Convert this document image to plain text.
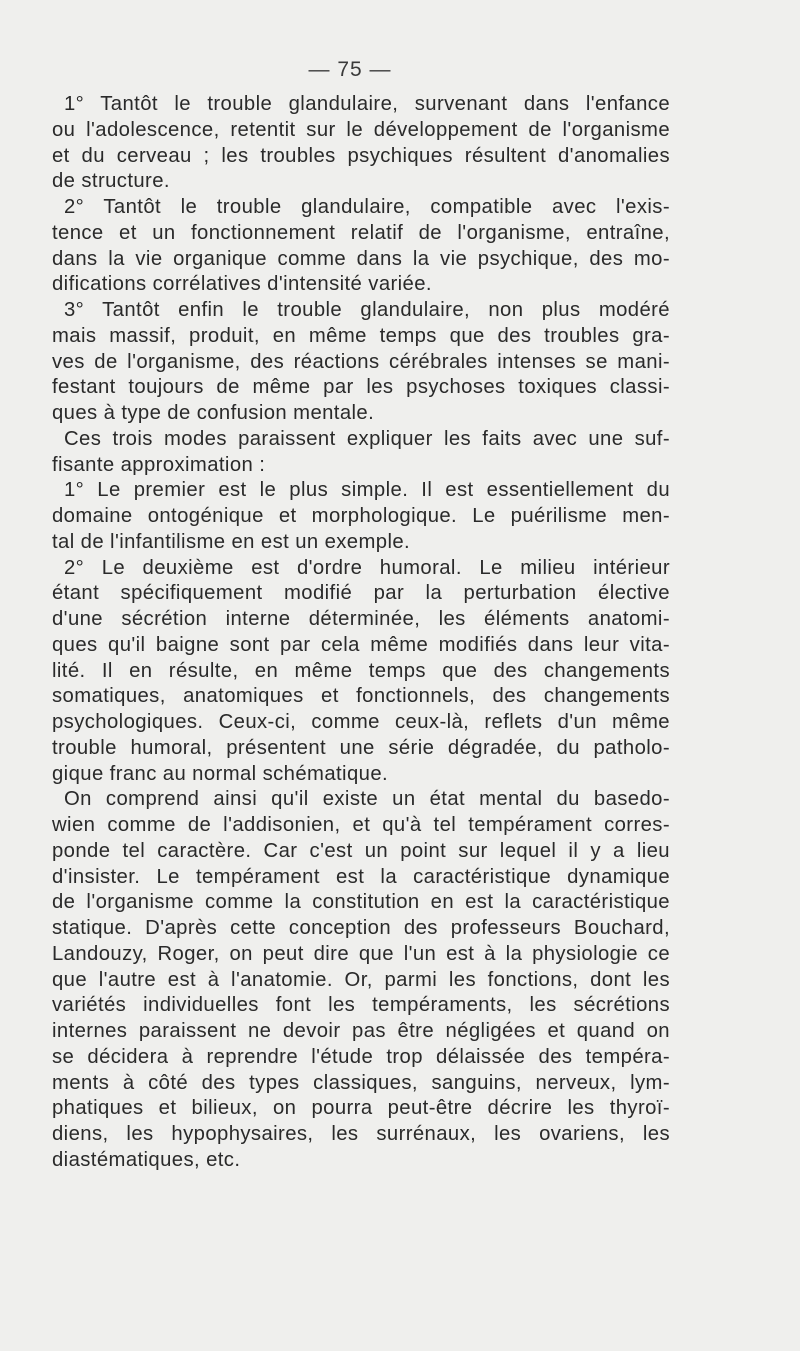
— 75 —
1° Tantôt le trouble glandulaire, survenant dans l'enfance
ou l'adolescence, retentit sur le développement de l'organisme
et du cerveau ; les troubles psychiques résultent d'anomalies
de structure.
2° Tantôt le trouble glandulaire, compatible avec l'exis-
tence et un fonctionnement relatif de l'organisme, entraîne,
dans la vie organique comme dans la vie psychique, des mo-
difications corrélatives d'intensité variée.
3° Tantôt enfin le trouble glandulaire, non plus modéré
mais massif, produit, en même temps que des troubles gra-
ves de l'organisme, des réactions cérébrales intenses se mani-
festant toujours de même par les psychoses toxiques classi-
ques à type de confusion mentale.
Ces trois modes paraissent expliquer les faits avec une suf-
fisante approximation :
1° Le premier est le plus simple. Il est essentiellement du
domaine ontogénique et morphologique. Le puérilisme men-
tal de l'infantilisme en est un exemple.
2° Le deuxième est d'ordre humoral. Le milieu intérieur
étant spécifiquement modifié par la perturbation élective
d'une sécrétion interne déterminée, les éléments anatomi-
ques qu'il baigne sont par cela même modifiés dans leur vita-
lité. Il en résulte, en même temps que des changements
somatiques, anatomiques et fonctionnels, des changements
psychologiques. Ceux-ci, comme ceux-là, reflets d'un même
trouble humoral, présentent une série dégradée, du patholo-
gique franc au normal schématique.
On comprend ainsi qu'il existe un état mental du basedo-
wien comme de l'addisonien, et qu'à tel tempérament corres-
ponde tel caractère. Car c'est un point sur lequel il y a lieu
d'insister. Le tempérament est la caractéristique dynamique
de l'organisme comme la constitution en est la caractéristique
statique. D'après cette conception des professeurs Bouchard,
Landouzy, Roger, on peut dire que l'un est à la physiologie ce
que l'autre est à l'anatomie. Or, parmi les fonctions, dont les
variétés individuelles font les tempéraments, les sécrétions
internes paraissent ne devoir pas être négligées et quand on
se décidera à reprendre l'étude trop délaissée des tempéra-
ments à côté des types classiques, sanguins, nerveux, lym-
phatiques et bilieux, on pourra peut-être décrire les thyroï-
diens, les hypophysaires, les surrénaux, les ovariens, les
diastématiques, etc.
